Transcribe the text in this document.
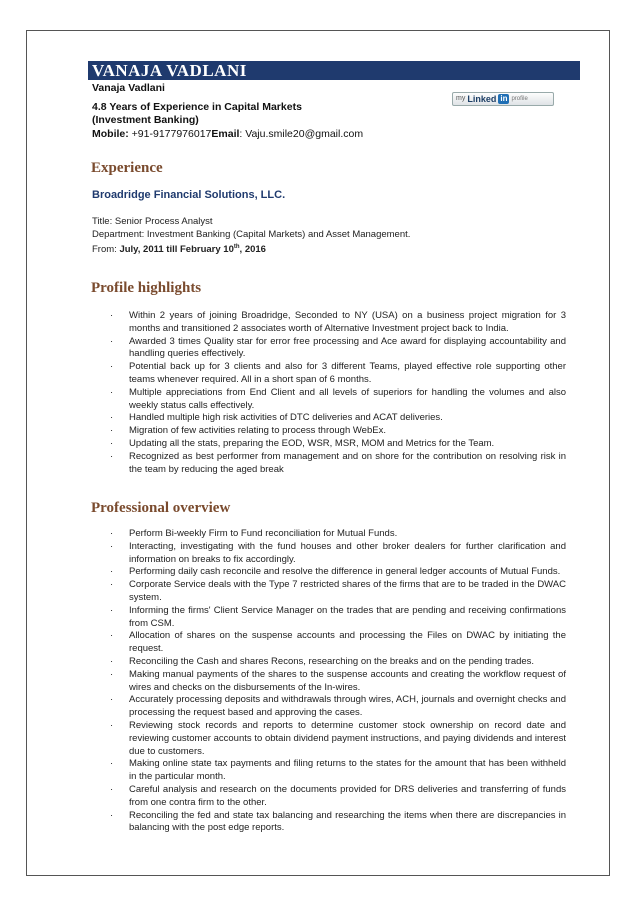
VANAJA VADLANI
Vanaja Vadlani
4.8 Years of Experience in Capital Markets
(Investment Banking)
Mobile: +91-9177976017Email: Vaju.smile20@gmail.com
my Linked in profile
Experience
Broadridge Financial Solutions, LLC.
Title: Senior Process Analyst
Department: Investment Banking (Capital Markets) and Asset Management.
From: July, 2011 till February 10th, 2016
Profile highlights
· Within 2 years of joining Broadridge, Seconded to NY (USA) on a business project migration for 3 months and transitioned 2 associates worth of Alternative Investment project back to India.
· Awarded 3 times Quality star for error free processing and Ace award for displaying accountability and handling queries effectively.
· Potential back up for 3 clients and also for 3 different Teams, played effective role supporting other teams whenever required. All in a short span of 6 months.
· Multiple appreciations from End Client and all levels of superiors for handling the volumes and also weekly status calls effectively.
· Handled multiple high risk activities of DTC deliveries and ACAT deliveries.
· Migration of few activities relating to process through WebEx.
· Updating all the stats, preparing the EOD, WSR, MSR, MOM and Metrics for the Team.
· Recognized as best performer from management and on shore for the contribution on resolving risk in the team by reducing the aged break
Professional overview
· Perform Bi-weekly Firm to Fund reconciliation for Mutual Funds.
· Interacting, investigating with the fund houses and other broker dealers for further clarification and information on breaks to fix accordingly.
· Performing daily cash reconcile and resolve the difference in general ledger accounts of Mutual Funds.
· Corporate Service deals with the Type 7 restricted shares of the firms that are to be traded in the DWAC system.
· Informing the firms' Client Service Manager on the trades that are pending and receiving confirmations from CSM.
· Allocation of shares on the suspense accounts and processing the Files on DWAC by initiating the request.
· Reconciling the Cash and shares Recons, researching on the breaks and on the pending trades.
· Making manual payments of the shares to the suspense accounts and creating the workflow request of wires and checks on the disbursements of the In-wires.
· Accurately processing deposits and withdrawals through wires, ACH, journals and overnight checks and processing the request based and approving the cases.
· Reviewing stock records and reports to determine customer stock ownership on record date and reviewing customer accounts to obtain dividend payment instructions, and paying dividends and interest due to customers.
· Making online state tax payments and filing returns to the states for the amount that has been withheld in the particular month.
· Careful analysis and research on the documents provided for DRS deliveries and transferring of funds from one contra firm to the other.
· Reconciling the fed and state tax balancing and researching the items when there are discrepancies in balancing with the post edge reports.
